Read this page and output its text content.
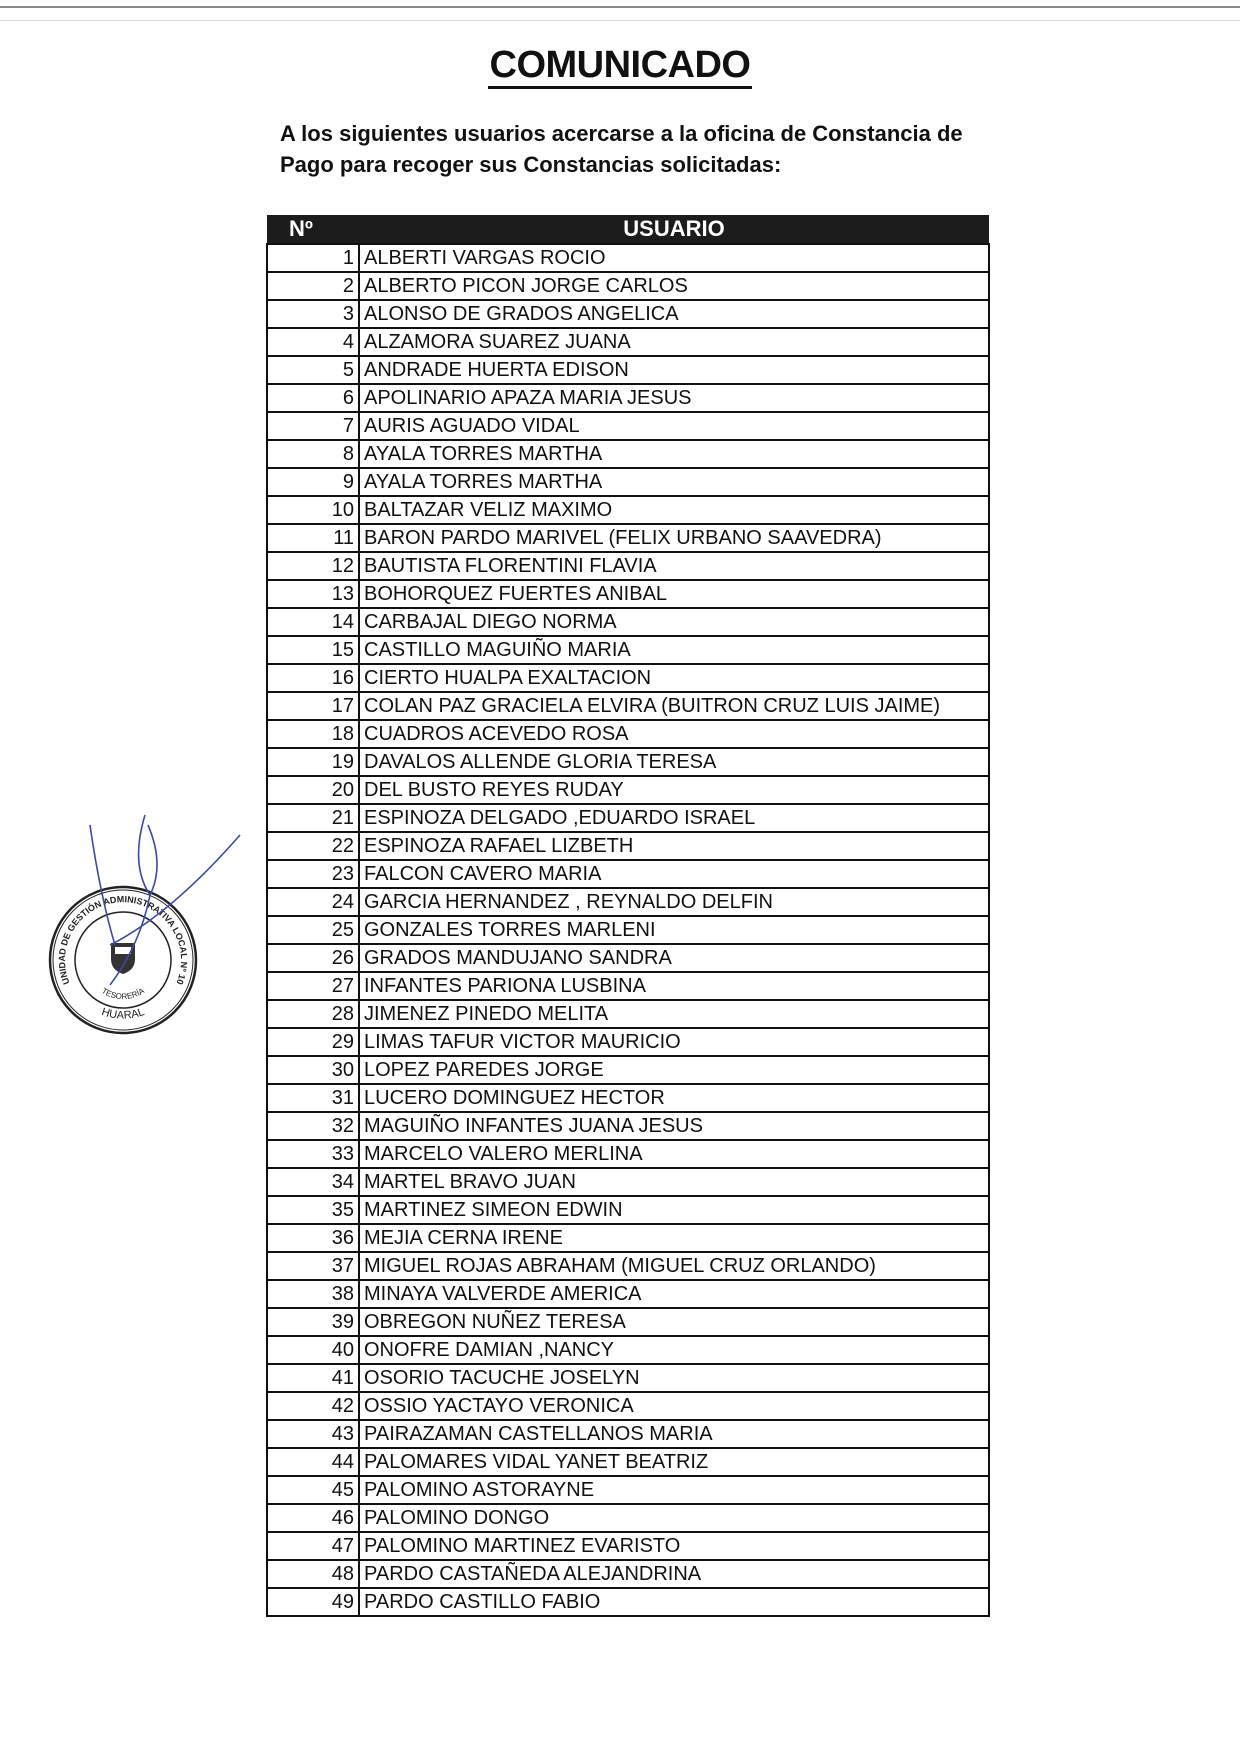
COMUNICADO
A los siguientes usuarios acercarse a la oficina de Constancia de Pago para recoger sus Constancias solicitadas:
Nº	USUARIO
1	ALBERTI VARGAS ROCIO
2	ALBERTO PICON JORGE CARLOS
3	ALONSO DE GRADOS ANGELICA
4	ALZAMORA SUAREZ JUANA
5	ANDRADE HUERTA EDISON
6	APOLINARIO APAZA MARIA JESUS
7	AURIS AGUADO VIDAL
8	AYALA TORRES MARTHA
9	AYALA TORRES MARTHA
10	BALTAZAR VELIZ MAXIMO
11	BARON PARDO MARIVEL (FELIX URBANO SAAVEDRA)
12	BAUTISTA FLORENTINI FLAVIA
13	BOHORQUEZ FUERTES ANIBAL
14	CARBAJAL DIEGO NORMA
15	CASTILLO MAGUIÑO MARIA
16	CIERTO HUALPA EXALTACION
17	COLAN PAZ GRACIELA ELVIRA (BUITRON CRUZ LUIS JAIME)
18	CUADROS ACEVEDO ROSA
19	DAVALOS ALLENDE GLORIA TERESA
20	DEL BUSTO REYES RUDAY
21	ESPINOZA DELGADO ,EDUARDO ISRAEL
22	ESPINOZA RAFAEL LIZBETH
23	FALCON CAVERO MARIA
24	GARCIA HERNANDEZ , REYNALDO DELFIN
25	GONZALES TORRES MARLENI
26	GRADOS MANDUJANO SANDRA
27	INFANTES PARIONA LUSBINA
28	JIMENEZ PINEDO MELITA
29	LIMAS TAFUR VICTOR MAURICIO
30	LOPEZ PAREDES JORGE
31	LUCERO DOMINGUEZ HECTOR
32	MAGUIÑO INFANTES JUANA JESUS
33	MARCELO VALERO MERLINA
34	MARTEL BRAVO JUAN
35	MARTINEZ SIMEON EDWIN
36	MEJIA CERNA IRENE
37	MIGUEL ROJAS ABRAHAM (MIGUEL CRUZ ORLANDO)
38	MINAYA VALVERDE AMERICA
39	OBREGON NUÑEZ TERESA
40	ONOFRE DAMIAN ,NANCY
41	OSORIO TACUCHE JOSELYN
42	OSSIO YACTAYO VERONICA
43	PAIRAZAMAN CASTELLANOS MARIA
44	PALOMARES VIDAL YANET BEATRIZ
45	PALOMINO ASTORAYNE
46	PALOMINO DONGO
47	PALOMINO MARTINEZ EVARISTO
48	PARDO CASTAÑEDA ALEJANDRINA
49	PARDO CASTILLO FABIO
UNIDAD DE GESTIÓN ADMINISTRATIVA LOCAL Nº 10
HUARAL
TESORERÍA
